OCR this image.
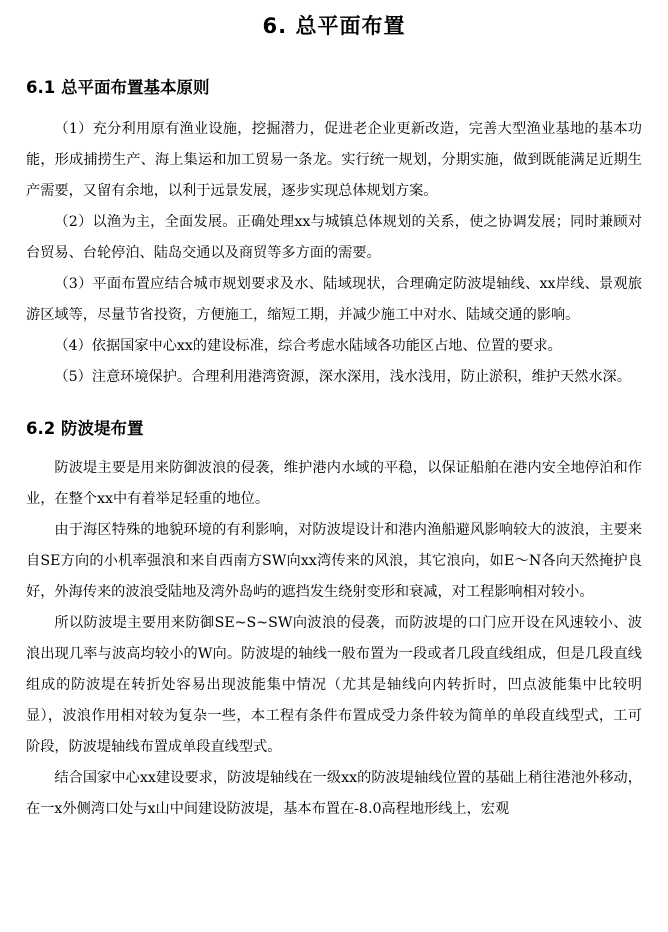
6. 总平面布置
6.1 总平面布置基本原则

（1）充分利用原有渔业设施，挖掘潜力，促进老企业更新改造，完善大型渔业基地的基本功能，形成捕捞生产、海上集运和加工贸易一条龙。实行统一规划，分期实施，做到既能满足近期生产需要，又留有余地，以利于远景发展，逐步实现总体规划方案。

（2）以渔为主，全面发展。正确处理xx与城镇总体规划的关系，使之协调发展；同时兼顾对台贸易、台轮停泊、陆岛交通以及商贸等多方面的需要。

（3）平面布置应结合城市规划要求及水、陆域现状，合理确定防波堤轴线、xx岸线、景观旅游区域等，尽量节省投资，方便施工，缩短工期，并减少施工中对水、陆域交通的影响。

（4）依据国家中心xx的建设标准，综合考虑水陆域各功能区占地、位置的要求。

（5）注意环境保护。合理利用港湾资源，深水深用，浅水浅用，防止淤积，维护天然水深。

6.2 防波堤布置

防波堤主要是用来防御波浪的侵袭，维护港内水域的平稳，以保证船舶在港内安全地停泊和作业，在整个xx中有着举足轻重的地位。

由于海区特殊的地貌环境的有利影响，对防波堤设计和港内渔船避风影响较大的波浪，主要来自SE方向的小机率强浪和来自西南方SW向xx湾传来的风浪，其它浪向，如E～N各向天然掩护良好，外海传来的波浪受陆地及湾外岛屿的遮挡发生绕射变形和衰减，对工程影响相对较小。

所以防波堤主要用来防御SE~S~SW向波浪的侵袭，而防波堤的口门应开设在风速较小、波浪出现几率与波高均较小的W向。防波堤的轴线一般布置为一段或者几段直线组成，但是几段直线组成的防波堤在转折处容易出现波能集中情况（尤其是轴线向内转折时，凹点波能集中比较明显），波浪作用相对较为复杂一些，本工程有条件布置成受力条件较为简单的单段直线型式，工可阶段，防波堤轴线布置成单段直线型式。

结合国家中心xx建设要求，防波堤轴线在一级xx的防波堤轴线位置的基础上稍往港池外移动，在一x外侧湾口处与x山中间建设防波堤，基本布置在-8.0高程地形线上，宏观
